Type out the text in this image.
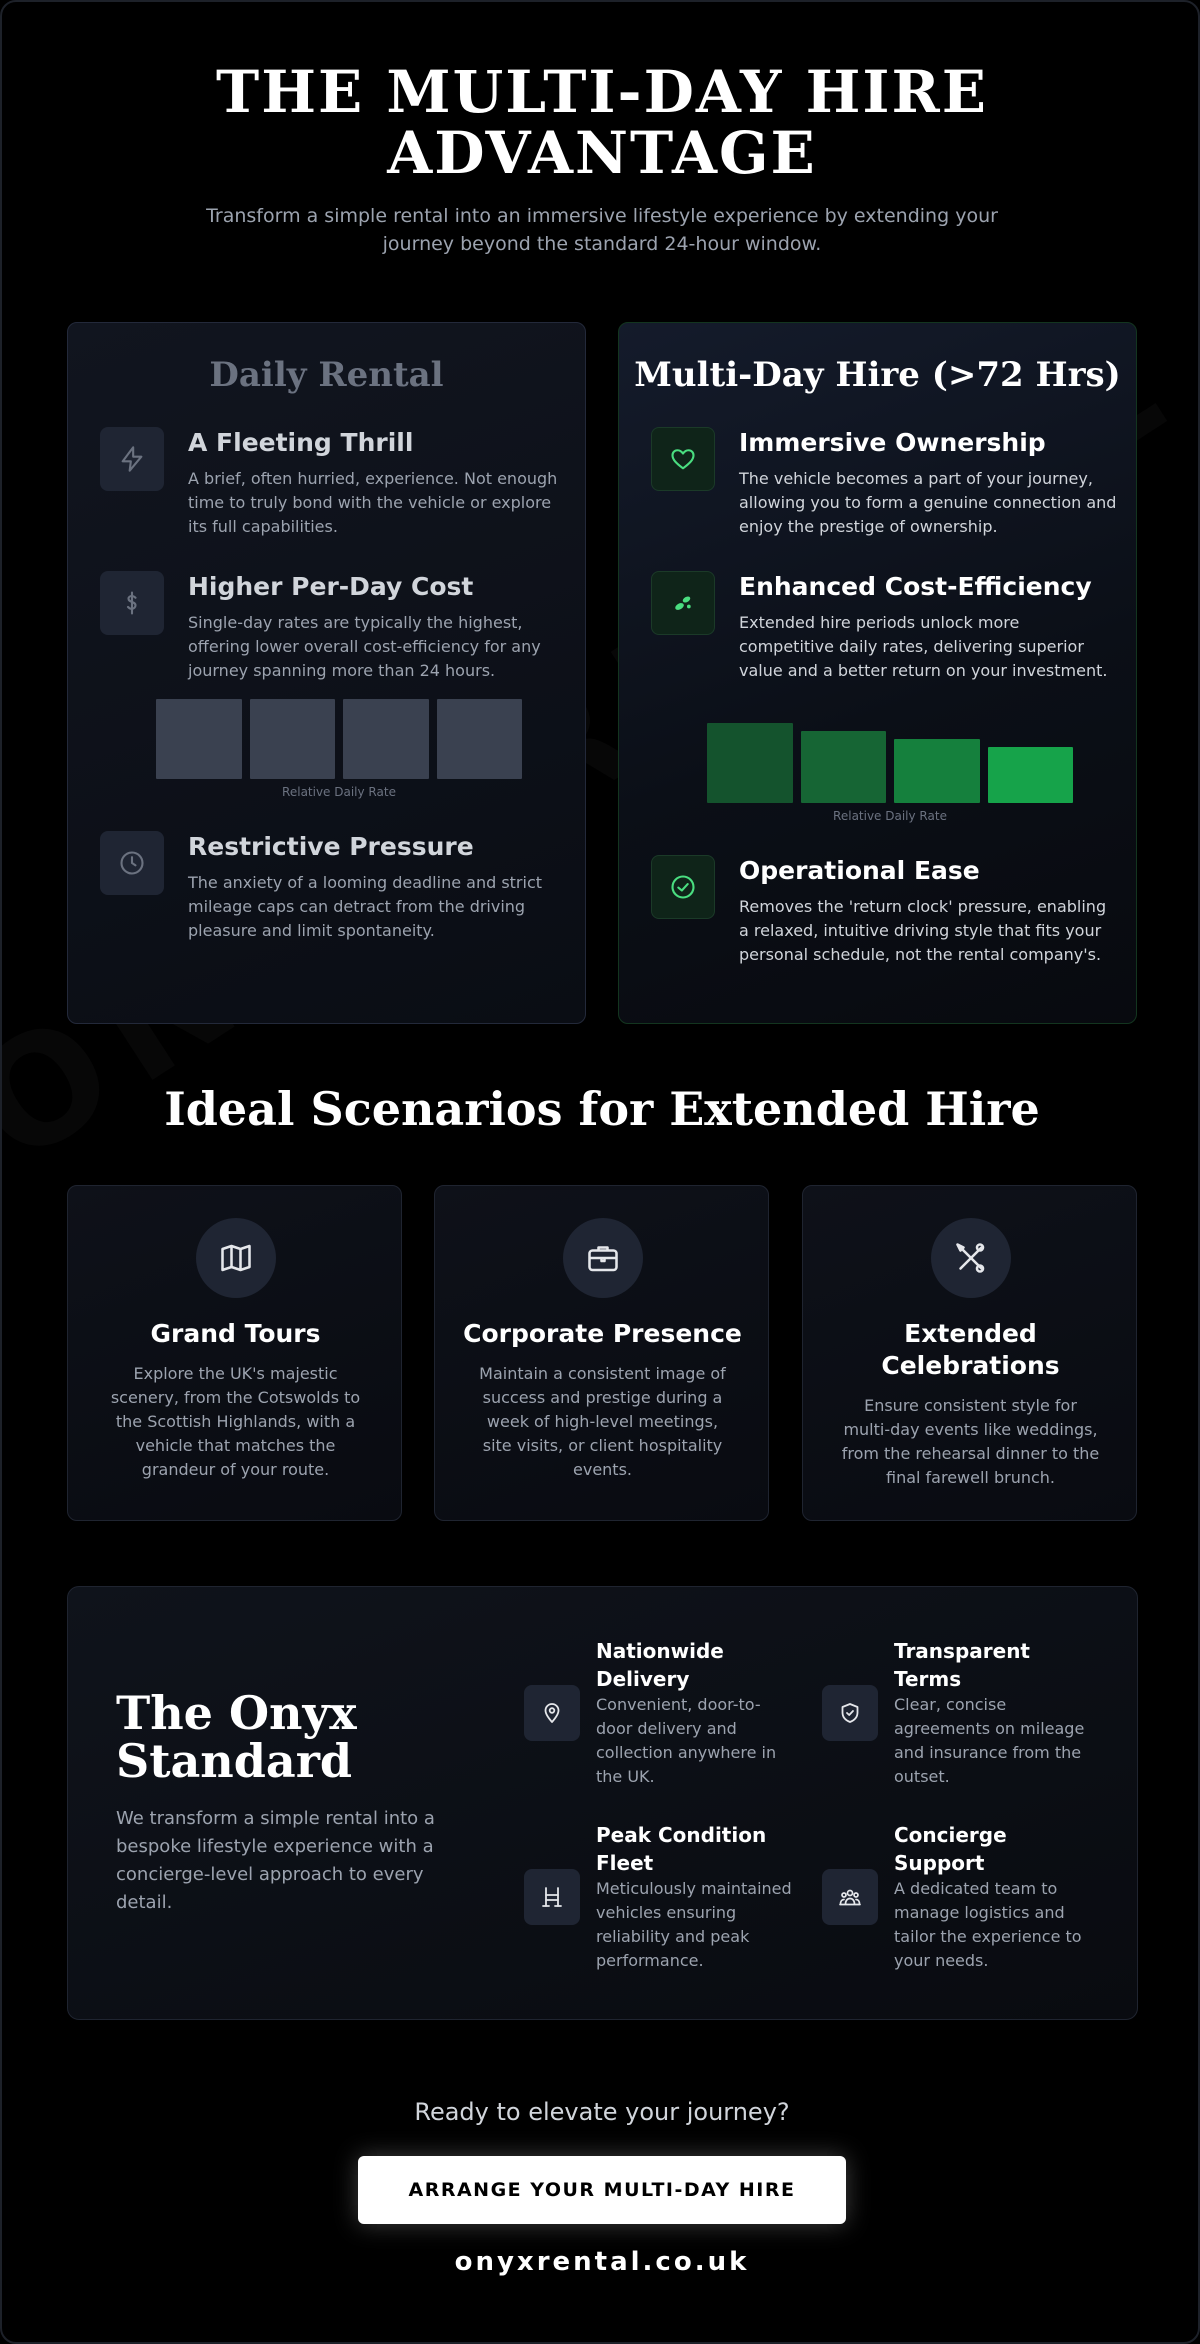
THE MULTI-DAY HIRE ADVANTAGE

Transform a simple rental into an immersive lifestyle experience by extending your journey beyond the standard 24-hour window.

Daily Rental
A Fleeting Thrill
A brief, often hurried, experience. Not enough time to truly bond with the vehicle or explore its full capabilities.
Higher Per-Day Cost
Single-day rates are typically the highest, offering lower overall cost-efficiency for any journey spanning more than 24 hours.
Relative Daily Rate
Restrictive Pressure
The anxiety of a looming deadline and strict mileage caps can detract from the driving pleasure and limit spontaneity.
Multi-Day Hire (>72 Hrs)
Immersive Ownership
The vehicle becomes a part of your journey, allowing you to form a genuine connection and enjoy the prestige of ownership.
Enhanced Cost-Efficiency
Extended hire periods unlock more competitive daily rates, delivering superior value and a better return on your investment.
Relative Daily Rate
Operational Ease
Removes the 'return clock' pressure, enabling a relaxed, intuitive driving style that fits your personal schedule, not the rental company's.
Ideal Scenarios for Extended Hire
Grand Tours
Explore the UK's majestic scenery, from the Cotswolds to the Scottish Highlands, with a vehicle that matches the grandeur of your route.
Corporate Presence
Maintain a consistent image of success and prestige during a week of high-level meetings, site visits, or client hospitality events.
Extended Celebrations
Ensure consistent style for multi-day events like weddings, from the rehearsal dinner to the final farewell brunch.
The Onyx Standard
We transform a simple rental into a bespoke lifestyle experience with a concierge-level approach to every detail.
Nationwide Delivery
Convenient, door-to-door delivery and collection anywhere in the UK.
Transparent Terms
Clear, concise agreements on mileage and insurance from the outset.
Peak Condition Fleet
Meticulously maintained vehicles ensuring reliability and peak performance.
Concierge Support
A dedicated team to manage logistics and tailor the experience to your needs.
Ready to elevate your journey?
ARRANGE YOUR MULTI-DAY HIRE
onyxrental.co.uk
